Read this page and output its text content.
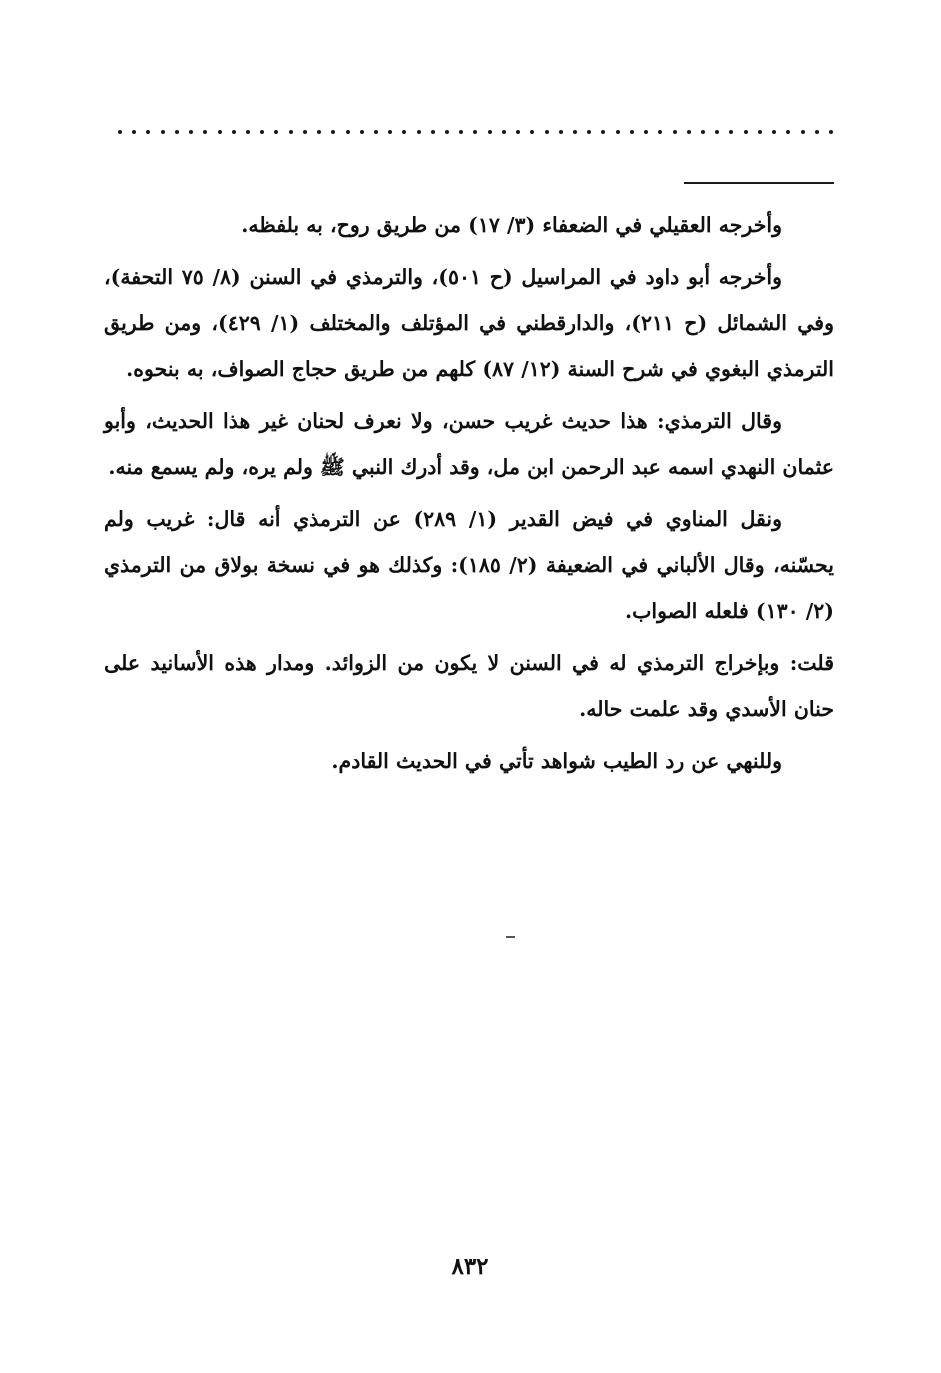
وأخرجه العقيلي في الضعفاء (٣/ ١٧) من طريق روح، به بلفظه.

وأخرجه أبو داود في المراسيل (ح ٥٠١)، والترمذي في السنن (٨/ ٧٥ التحفة)، وفي الشمائل (ح ٢١١)، والدارقطني في المؤتلف والمختلف (١/ ٤٢٩)، ومن طريق الترمذي البغوي في شرح السنة (١٢/ ٨٧) كلهم من طريق حجاج الصواف، به بنحوه.

وقال الترمذي: هذا حديث غريب حسن، ولا نعرف لحنان غير هذا الحديث، وأبو عثمان النهدي اسمه عبد الرحمن ابن مل، وقد أدرك النبي ﷺ ولم يره، ولم يسمع منه.

ونقل المناوي في فيض القدير (١/ ٢٨٩) عن الترمذي أنه قال: غريب ولم يحسّنه، وقال الألباني في الضعيفة (٢/ ١٨٥): وكذلك هو في نسخة بولاق من الترمذي (٢/ ١٣٠) فلعله الصواب.

قلت: وبإخراج الترمذي له في السنن لا يكون من الزوائد. ومدار هذه الأسانيد على حنان الأسدي وقد علمت حاله.

وللنهي عن رد الطيب شواهد تأتي في الحديث القادم.

٨٣٢
